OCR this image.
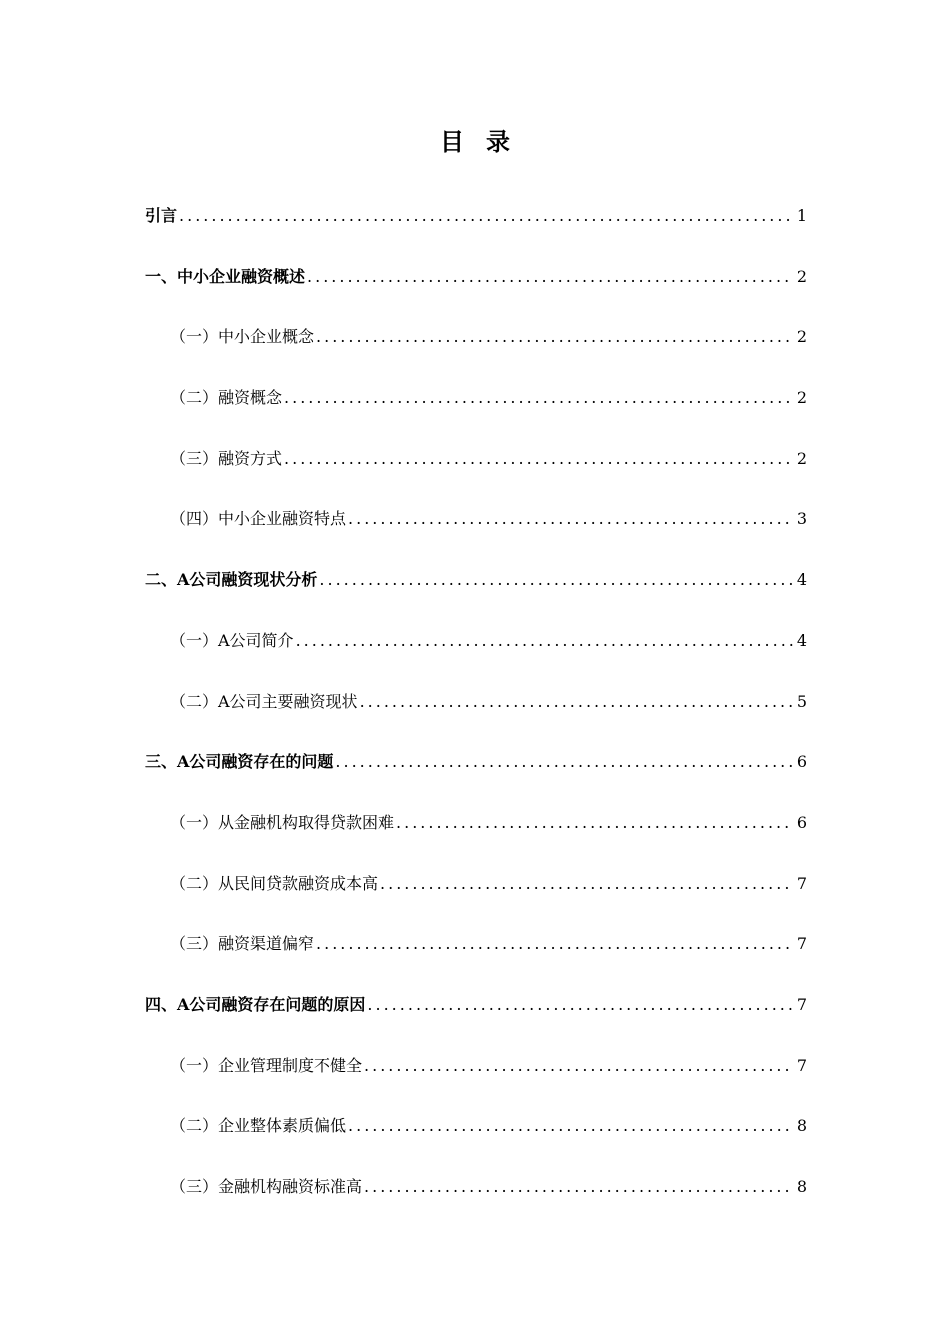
目录
引言 .....	1
一、中小企业融资概述 .....	2
（一）中小企业概念 .....	2
（二）融资概念 .....	2
（三）融资方式 .....	2
（四）中小企业融资特点 .....	3
二、A公司融资现状分析 .....	4
（一）A公司简介 .....	4
（二）A公司主要融资现状 .....	5
三、A公司融资存在的问题 .....	6
（一）从金融机构取得贷款困难 .....	6
（二）从民间贷款融资成本高 .....	7
（三）融资渠道偏窄 .....	7
四、A公司融资存在问题的原因 .....	7
（一）企业管理制度不健全 .....	7
（二）企业整体素质偏低 .....	8
（三）金融机构融资标准高 .....	8
